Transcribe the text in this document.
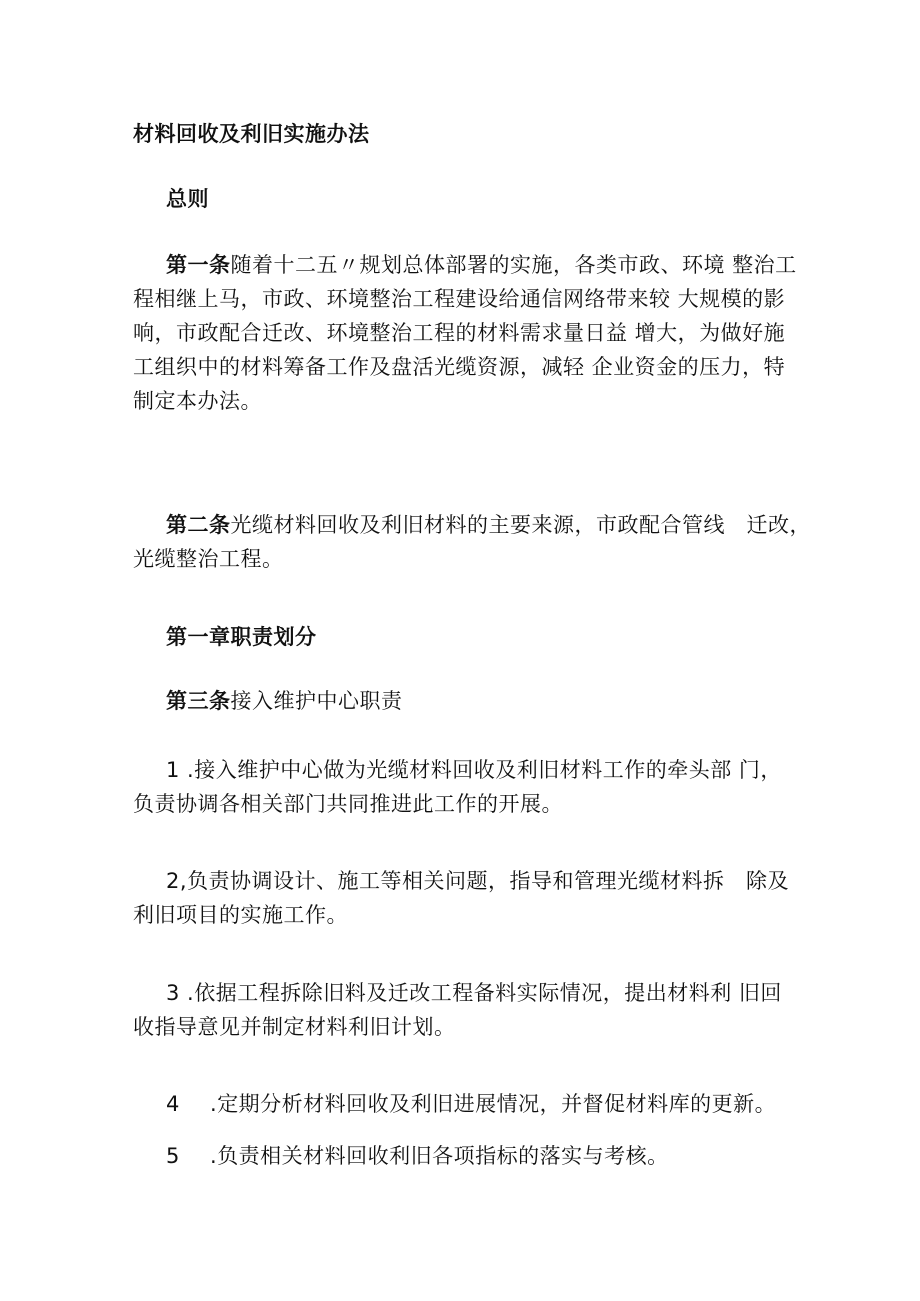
材料回收及利旧实施办法
总则
第一条随着十二五〃规划总体部署的实施，各类市政、环境 整治工
程相继上马，市政、环境整治工程建设给通信网络带来较 大规模的影
响，市政配合迁改、环境整治工程的材料需求量日益 增大，为做好施
工组织中的材料筹备工作及盘活光缆资源，减轻 企业资金的压力，特
制定本办法。
第二条光缆材料回收及利旧材料的主要来源，市政配合管线　迁改，
光缆整治工程。
第一章职责划分
第三条接入维护中心职责
1 .接入维护中心做为光缆材料回收及利旧材料工作的牵头部 门，
负责协调各相关部门共同推进此工作的开展。
2,负责协调设计、施工等相关问题，指导和管理光缆材料拆　除及
利旧项目的实施工作。
3 .依据工程拆除旧料及迁改工程备料实际情况，提出材料利 旧回
收指导意见并制定材料利旧计划。
4 .定期分析材料回收及利旧进展情况，并督促材料库的更新。
5 .负责相关材料回收利旧各项指标的落实与考核。
